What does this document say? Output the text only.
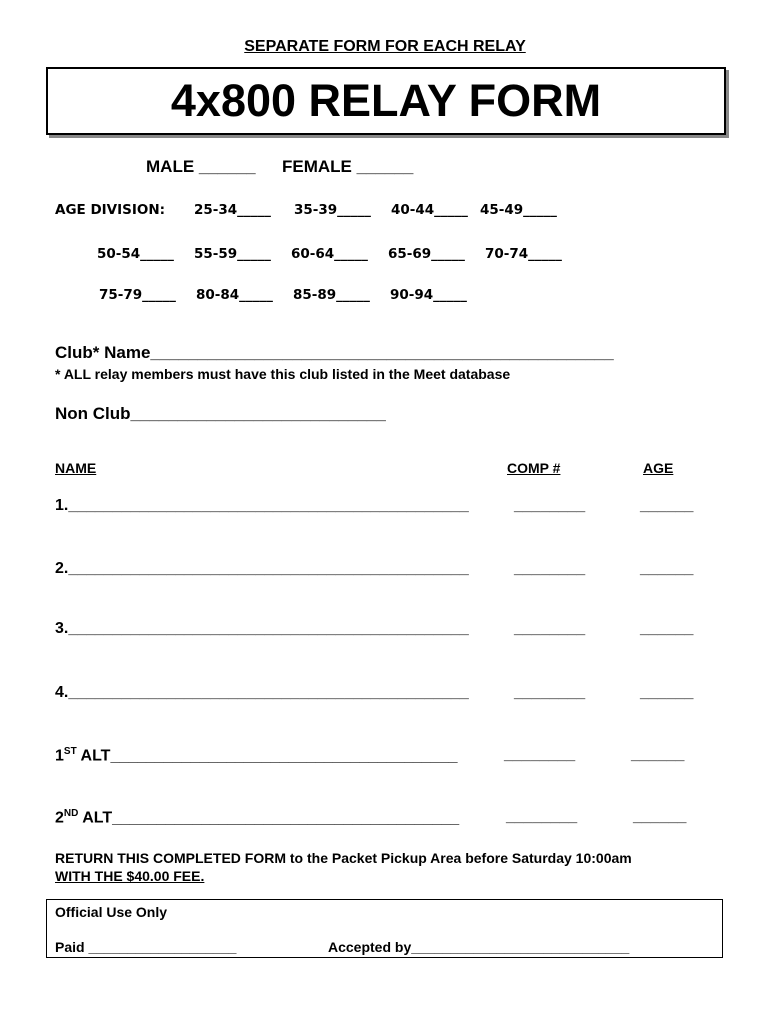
SEPARATE FORM FOR EACH RELAY
4x800 RELAY FORM
MALE ______ FEMALE ______
AGE DIVISION: 25-34_____ 35-39_____ 40-44_____ 45-49_____
50-54_____ 55-59_____ 60-64_____ 65-69_____ 70-74_____
75-79_____ 80-84_____ 85-89_____ 90-94_____
Club* Name_________________________________________________
* ALL relay members must have this club listed in the Meet database
Non Club___________________________
NAME	COMP #	AGE
1._____________________________________________	________	______
2._____________________________________________	________	______
3._____________________________________________	________	______
4._____________________________________________	________	______
1ST ALT_______________________________________	________	______
2ND ALT_______________________________________	________	______
RETURN THIS COMPLETED FORM to the Packet Pickup Area before Saturday 10:00am
WITH THE $40.00 FEE.
Official Use Only
Paid ___________________	Accepted by____________________________
